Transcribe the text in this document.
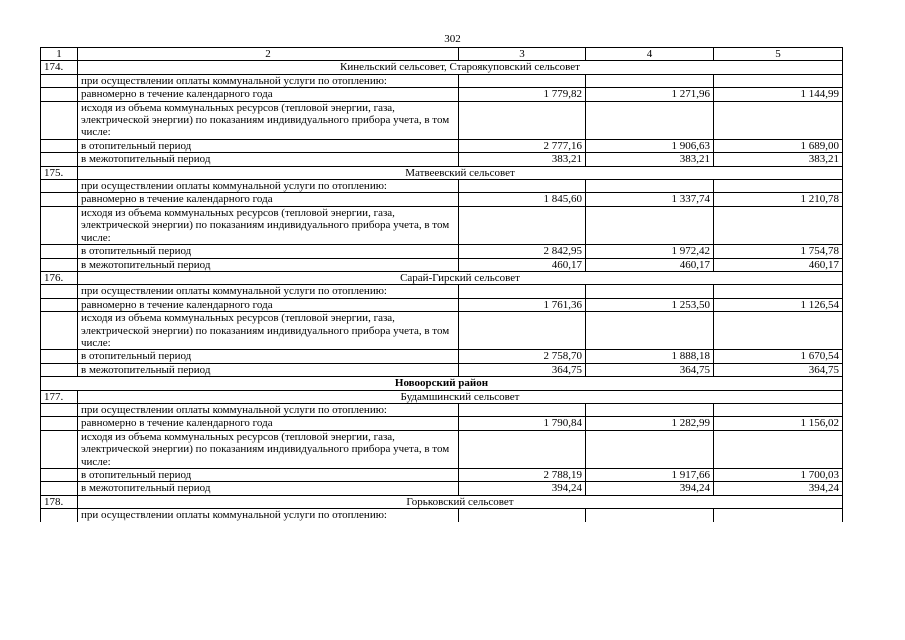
302
1	2	3	4	5
174.	Кинельский сельсовет, Староякуповский сельсовет			
	при осуществлении оплаты коммунальной услуги по отоплению:			
	равномерно в течение календарного года	1 779,82	1 271,96	1 144,99
	исходя из объема коммунальных ресурсов (тепловой энергии, газа, электрической энергии) по показаниям индивидуального прибора учета, в том числе:			
	в отопительный период	2 777,16	1 906,63	1 689,00
	в межотопительный период	383,21	383,21	383,21
175.	Матвеевский сельсовет			
	при осуществлении оплаты коммунальной услуги по отоплению:			
	равномерно в течение календарного года	1 845,60	1 337,74	1 210,78
	исходя из объема коммунальных ресурсов (тепловой энергии, газа, электрической энергии) по показаниям индивидуального прибора учета, в том числе:			
	в отопительный период	2 842,95	1 972,42	1 754,78
	в межотопительный период	460,17	460,17	460,17
176.	Сарай-Гирский сельсовет			
	при осуществлении оплаты коммунальной услуги по отоплению:			
	равномерно в течение календарного года	1 761,36	1 253,50	1 126,54
	исходя из объема коммунальных ресурсов (тепловой энергии, газа, электрической энергии) по показаниям индивидуального прибора учета, в том числе:			
	в отопительный период	2 758,70	1 888,18	1 670,54
	в межотопительный период	364,75	364,75	364,75
Новоорский район				
177.	Будамшинский сельсовет			
	при осуществлении оплаты коммунальной услуги по отоплению:			
	равномерно в течение календарного года	1 790,84	1 282,99	1 156,02
	исходя из объема коммунальных ресурсов (тепловой энергии, газа, электрической энергии) по показаниям индивидуального прибора учета, в том числе:			
	в отопительный период	2 788,19	1 917,66	1 700,03
	в межотопительный период	394,24	394,24	394,24
178.	Горьковский сельсовет			
	при осуществлении оплаты коммунальной услуги по отоплению:			
